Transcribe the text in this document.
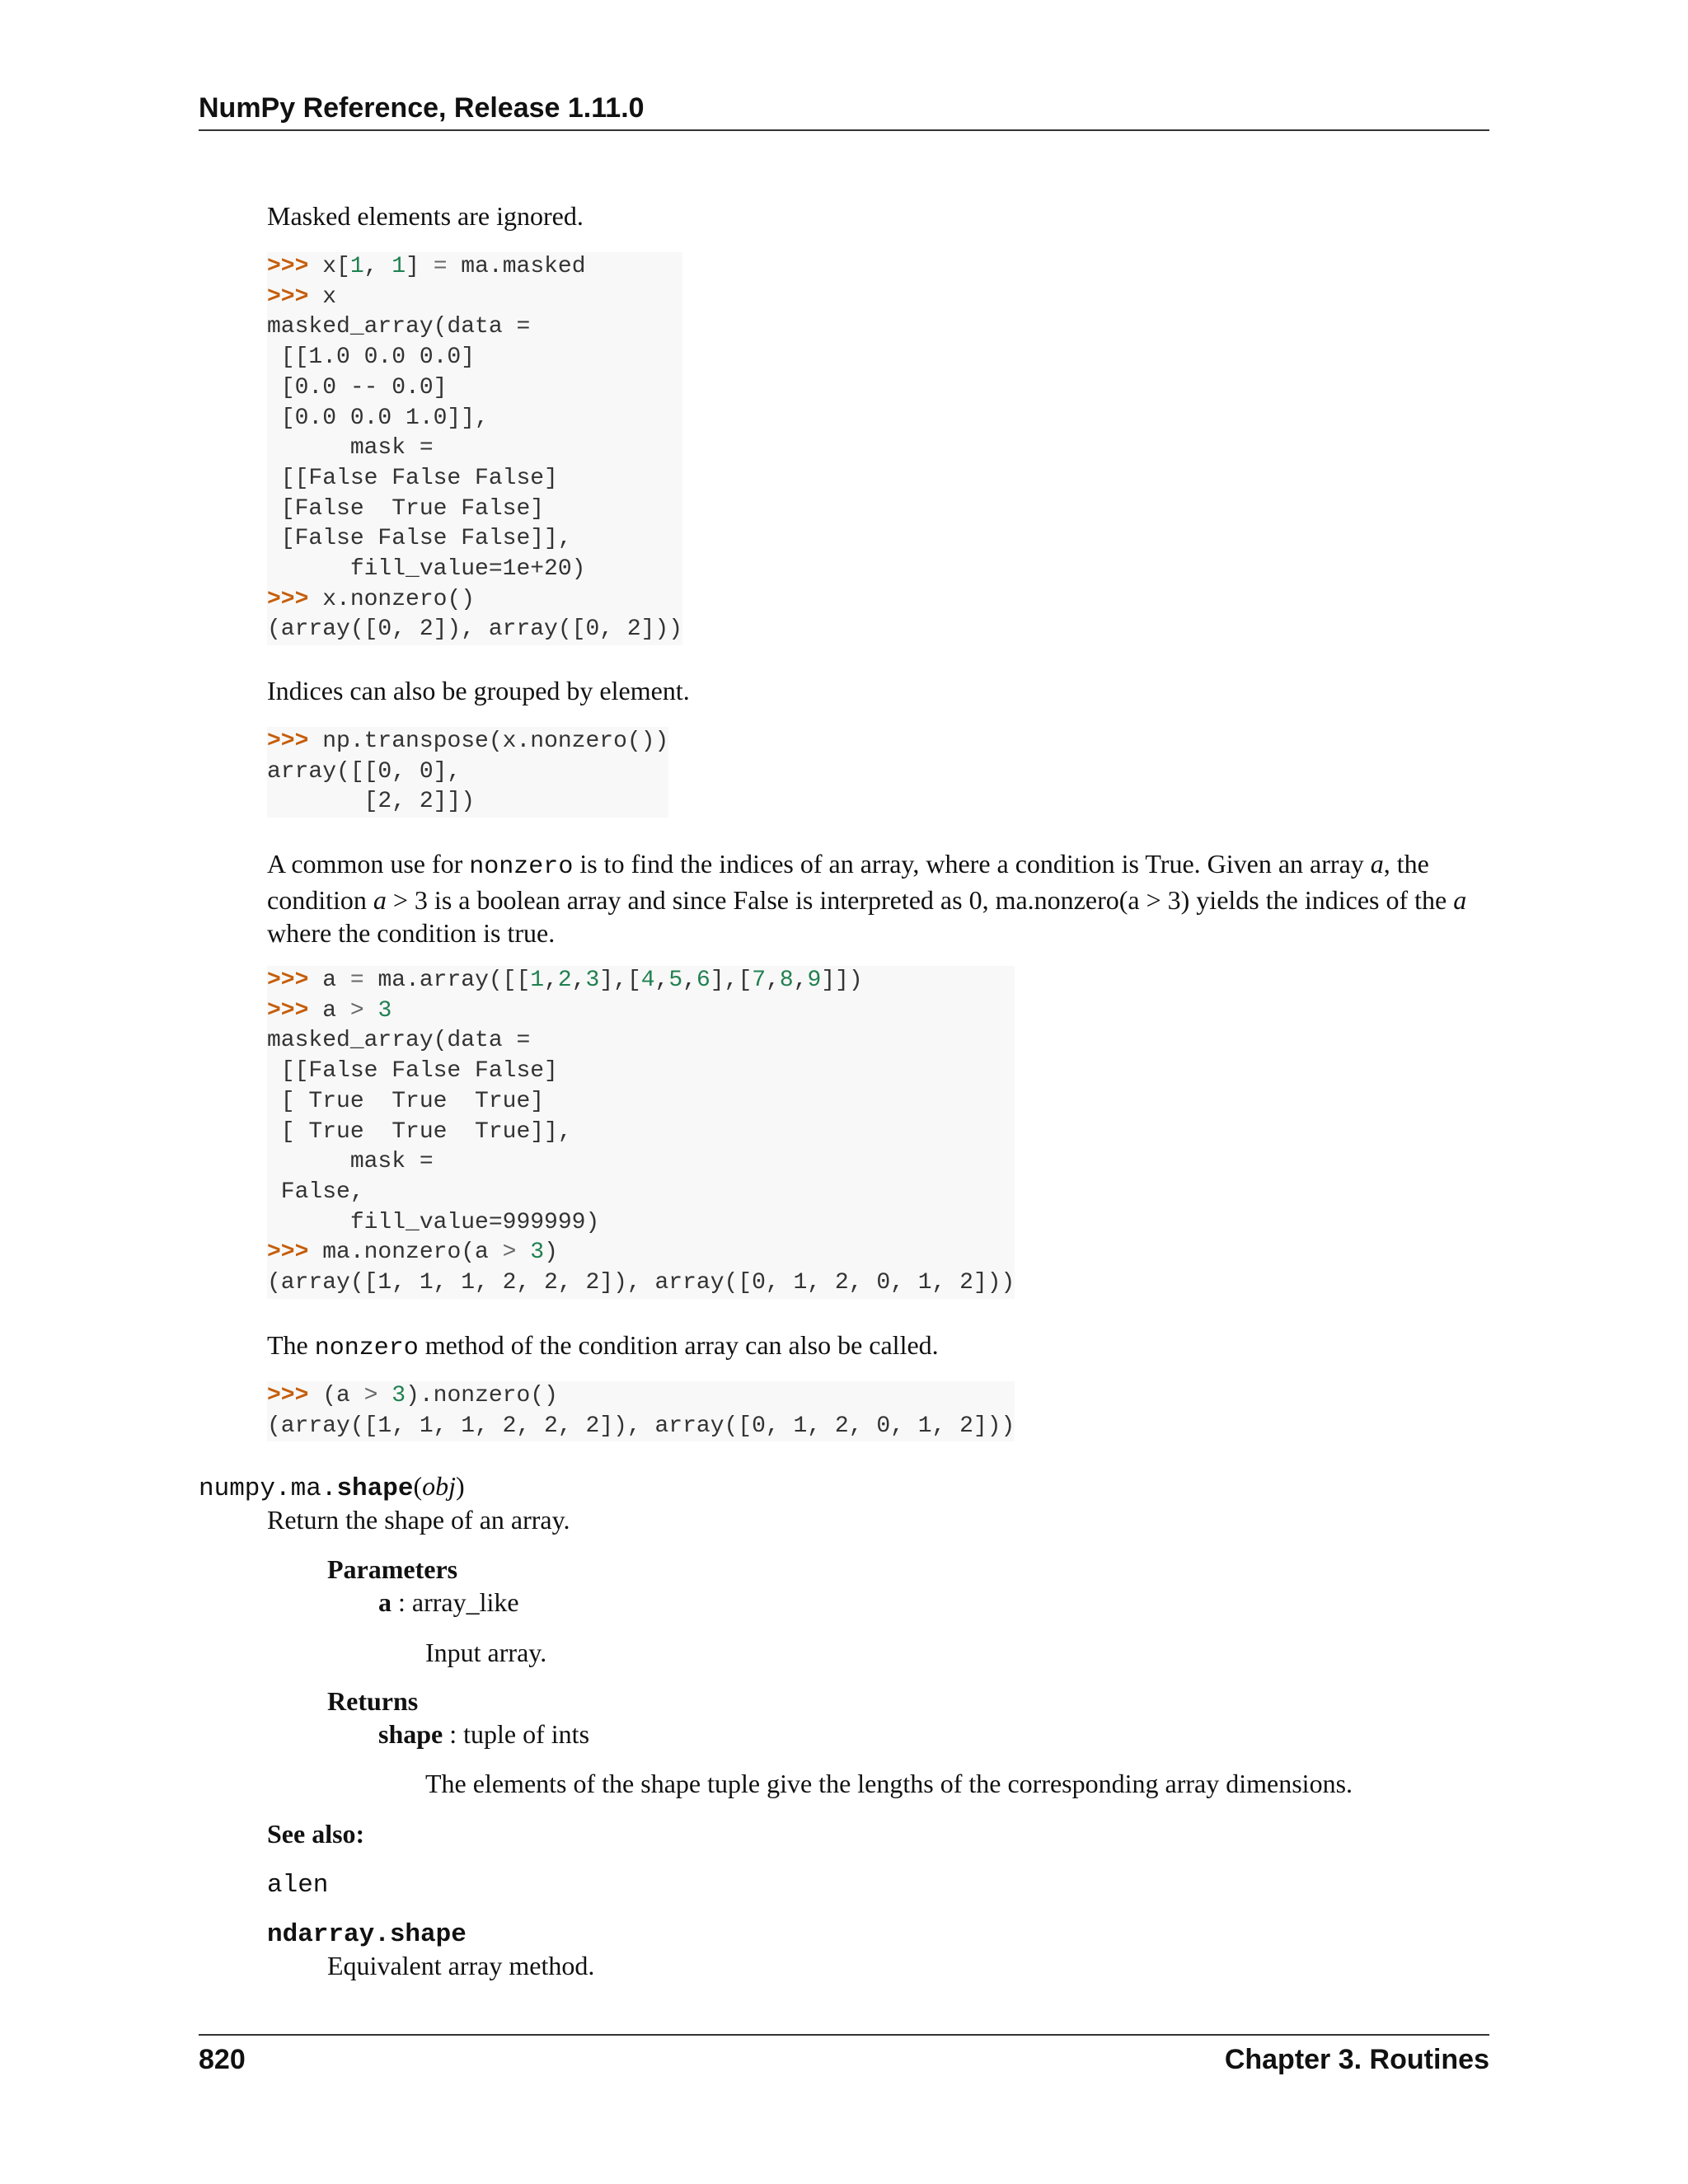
NumPy Reference, Release 1.11.0

Masked elements are ignored.

>>> x[1, 1] = ma.masked
>>> x
masked_array(data =
[[1.0 0.0 0.0]
[0.0 -- 0.0]
[0.0 0.0 1.0]],
mask =
[[False False False]
[False  True False]
[False False False]],
fill_value=1e+20)
>>> x.nonzero()
(array([0, 2]), array([0, 2]))

Indices can also be grouped by element.

>>> np.transpose(x.nonzero())
array([[0, 0],
[2, 2]])

A common use for nonzero is to find the indices of an array, where a condition is True. Given an array a, the condition a > 3 is a boolean array and since False is interpreted as 0, ma.nonzero(a > 3) yields the indices of the a where the condition is true.

>>> a = ma.array([[1,2,3],[4,5,6],[7,8,9]])
>>> a > 3
masked_array(data =
[[False False False]
[ True  True  True]
[ True  True  True]],
mask =
False,
fill_value=999999)
>>> ma.nonzero(a > 3)
(array([1, 1, 1, 2, 2, 2]), array([0, 1, 2, 0, 1, 2]))

The nonzero method of the condition array can also be called.

>>> (a > 3).nonzero()
(array([1, 1, 1, 2, 2, 2]), array([0, 1, 2, 0, 1, 2]))
numpy.ma.shape(obj)
Return the shape of an array.
Parameters
a : array_like
Input array.
Returns
shape : tuple of ints
The elements of the shape tuple give the lengths of the corresponding array dimensions.
See also:
alen
ndarray.shape
Equivalent array method.
820	Chapter 3. Routines
